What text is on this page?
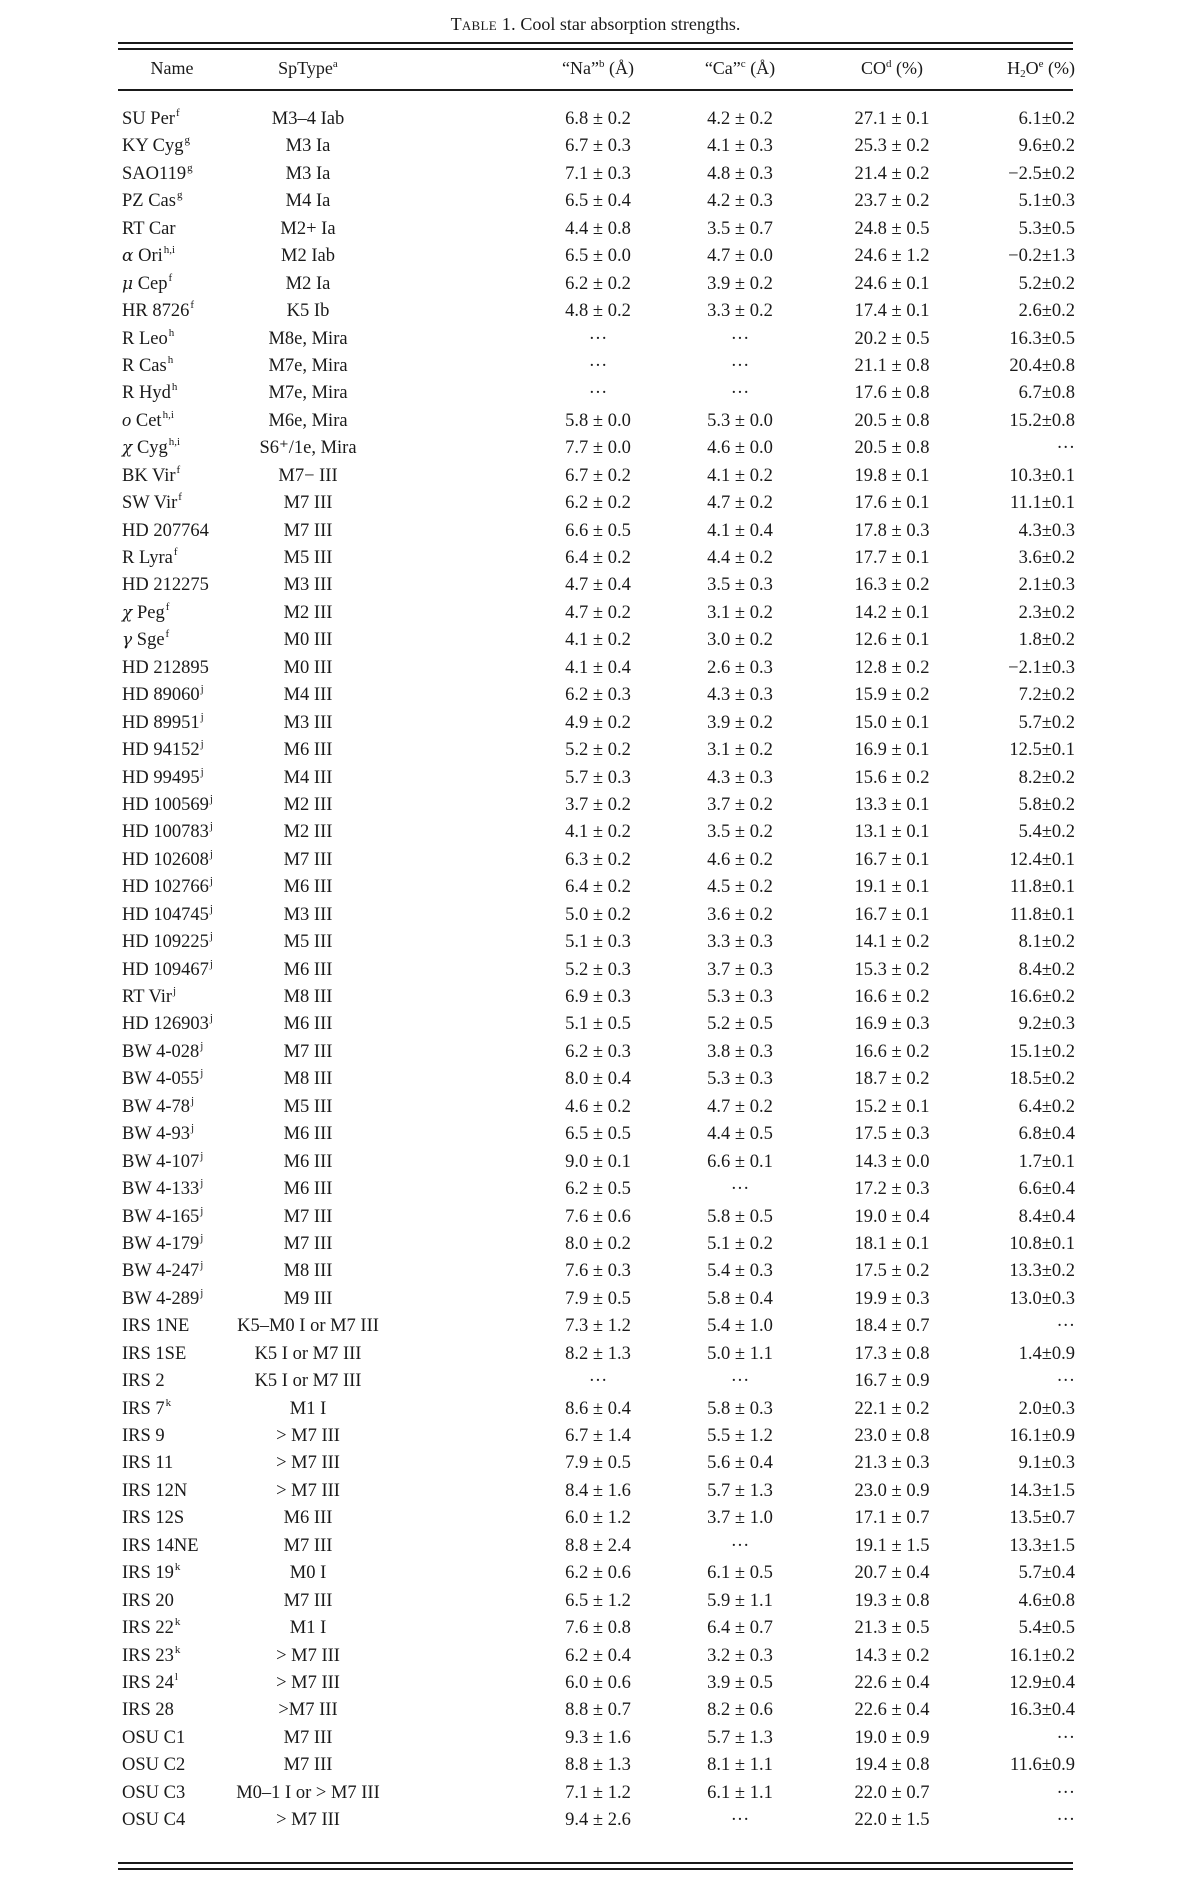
Table 1. Cool star absorption strengths.
Name	SpType$^a$	“Na”$^b$ (Å)	“Ca”$^c$ (Å)	$CO^d$ (%)	$H_2O^e$ (%)
SU Per$^f$	M3–4 Iab	6.8 ± 0.2	4.2 ± 0.2	27.1 ± 0.1	6.1±0.2
KY Cyg$^g$	M3 Ia	6.7 ± 0.3	4.1 ± 0.3	25.3 ± 0.2	9.6±0.2
SAO119$^g$	M3 Ia	7.1 ± 0.3	4.8 ± 0.3	21.4 ± 0.2	−2.5±0.2
PZ Cas$^g$	M4 Ia	6.5 ± 0.4	4.2 ± 0.3	23.7 ± 0.2	5.1±0.3
RT Car	M2+ Ia	4.4 ± 0.8	3.5 ± 0.7	24.8 ± 0.5	5.3±0.5
α Ori$^{h,i}$	M2 Iab	6.5 ± 0.0	4.7 ± 0.0	24.6 ± 1.2	−0.2±1.3
μ Cep$^f$	M2 Ia	6.2 ± 0.2	3.9 ± 0.2	24.6 ± 0.1	5.2±0.2
HR 8726$^f$	K5 Ib	4.8 ± 0.2	3.3 ± 0.2	17.4 ± 0.1	2.6±0.2
R Leo$^h$	M8e, Mira	···	···	20.2 ± 0.5	16.3±0.5
R Cas$^h$	M7e, Mira	···	···	21.1 ± 0.8	20.4±0.8
R Hyd$^h$	M7e, Mira	···	···	17.6 ± 0.8	6.7±0.8
o Cet$^{h,i}$	M6e, Mira	5.8 ± 0.0	5.3 ± 0.0	20.5 ± 0.8	15.2±0.8
χ Cyg$^{h,i}$	S6⁺/1e, Mira	7.7 ± 0.0	4.6 ± 0.0	20.5 ± 0.8	···
BK Vir$^f$	M7− III	6.7 ± 0.2	4.1 ± 0.2	19.8 ± 0.1	10.3±0.1
SW Vir$^f$	M7 III	6.2 ± 0.2	4.7 ± 0.2	17.6 ± 0.1	11.1±0.1
HD 207764	M7 III	6.6 ± 0.5	4.1 ± 0.4	17.8 ± 0.3	4.3±0.3
R Lyra$^f$	M5 III	6.4 ± 0.2	4.4 ± 0.2	17.7 ± 0.1	3.6±0.2
HD 212275	M3 III	4.7 ± 0.4	3.5 ± 0.3	16.3 ± 0.2	2.1±0.3
χ Peg$^f$	M2 III	4.7 ± 0.2	3.1 ± 0.2	14.2 ± 0.1	2.3±0.2
γ Sge$^f$	M0 III	4.1 ± 0.2	3.0 ± 0.2	12.6 ± 0.1	1.8±0.2
HD 212895	M0 III	4.1 ± 0.4	2.6 ± 0.3	12.8 ± 0.2	−2.1±0.3
HD 89060$^j$	M4 III	6.2 ± 0.3	4.3 ± 0.3	15.9 ± 0.2	7.2±0.2
HD 89951$^j$	M3 III	4.9 ± 0.2	3.9 ± 0.2	15.0 ± 0.1	5.7±0.2
HD 94152$^j$	M6 III	5.2 ± 0.2	3.1 ± 0.2	16.9 ± 0.1	12.5±0.1
HD 99495$^j$	M4 III	5.7 ± 0.3	4.3 ± 0.3	15.6 ± 0.2	8.2±0.2
HD 100569$^j$	M2 III	3.7 ± 0.2	3.7 ± 0.2	13.3 ± 0.1	5.8±0.2
HD 100783$^j$	M2 III	4.1 ± 0.2	3.5 ± 0.2	13.1 ± 0.1	5.4±0.2
HD 102608$^j$	M7 III	6.3 ± 0.2	4.6 ± 0.2	16.7 ± 0.1	12.4±0.1
HD 102766$^j$	M6 III	6.4 ± 0.2	4.5 ± 0.2	19.1 ± 0.1	11.8±0.1
HD 104745$^j$	M3 III	5.0 ± 0.2	3.6 ± 0.2	16.7 ± 0.1	11.8±0.1
HD 109225$^j$	M5 III	5.1 ± 0.3	3.3 ± 0.3	14.1 ± 0.2	8.1±0.2
HD 109467$^j$	M6 III	5.2 ± 0.3	3.7 ± 0.3	15.3 ± 0.2	8.4±0.2
RT Vir$^j$	M8 III	6.9 ± 0.3	5.3 ± 0.3	16.6 ± 0.2	16.6±0.2
HD 126903$^j$	M6 III	5.1 ± 0.5	5.2 ± 0.5	16.9 ± 0.3	9.2±0.3
BW 4-028$^j$	M7 III	6.2 ± 0.3	3.8 ± 0.3	16.6 ± 0.2	15.1±0.2
BW 4-055$^j$	M8 III	8.0 ± 0.4	5.3 ± 0.3	18.7 ± 0.2	18.5±0.2
BW 4-78$^j$	M5 III	4.6 ± 0.2	4.7 ± 0.2	15.2 ± 0.1	6.4±0.2
BW 4-93$^j$	M6 III	6.5 ± 0.5	4.4 ± 0.5	17.5 ± 0.3	6.8±0.4
BW 4-107$^j$	M6 III	9.0 ± 0.1	6.6 ± 0.1	14.3 ± 0.0	1.7±0.1
BW 4-133$^j$	M6 III	6.2 ± 0.5	···	17.2 ± 0.3	6.6±0.4
BW 4-165$^j$	M7 III	7.6 ± 0.6	5.8 ± 0.5	19.0 ± 0.4	8.4±0.4
BW 4-179$^j$	M7 III	8.0 ± 0.2	5.1 ± 0.2	18.1 ± 0.1	10.8±0.1
BW 4-247$^j$	M8 III	7.6 ± 0.3	5.4 ± 0.3	17.5 ± 0.2	13.3±0.2
BW 4-289$^j$	M9 III	7.9 ± 0.5	5.8 ± 0.4	19.9 ± 0.3	13.0±0.3
IRS 1NE	K5–M0 I or M7 III	7.3 ± 1.2	5.4 ± 1.0	18.4 ± 0.7	···
IRS 1SE	K5 I or M7 III	8.2 ± 1.3	5.0 ± 1.1	17.3 ± 0.8	1.4±0.9
IRS 2	K5 I or M7 III	···	···	16.7 ± 0.9	···
IRS 7$^k$	M1 I	8.6 ± 0.4	5.8 ± 0.3	22.1 ± 0.2	2.0±0.3
IRS 9	> M7 III	6.7 ± 1.4	5.5 ± 1.2	23.0 ± 0.8	16.1±0.9
IRS 11	> M7 III	7.9 ± 0.5	5.6 ± 0.4	21.3 ± 0.3	9.1±0.3
IRS 12N	> M7 III	8.4 ± 1.6	5.7 ± 1.3	23.0 ± 0.9	14.3±1.5
IRS 12S	M6 III	6.0 ± 1.2	3.7 ± 1.0	17.1 ± 0.7	13.5±0.7
IRS 14NE	M7 III	8.8 ± 2.4	···	19.1 ± 1.5	13.3±1.5
IRS 19$^k$	M0 I	6.2 ± 0.6	6.1 ± 0.5	20.7 ± 0.4	5.7±0.4
IRS 20	M7 III	6.5 ± 1.2	5.9 ± 1.1	19.3 ± 0.8	4.6±0.8
IRS 22$^k$	M1 I	7.6 ± 0.8	6.4 ± 0.7	21.3 ± 0.5	5.4±0.5
IRS $23^k$	> M7 III	6.2 ± 0.4	3.2 ± 0.3	14.3 ± 0.2	16.1±0.2
IRS $24^l$	> M7 III	6.0 ± 0.6	3.9 ± 0.5	22.6 ± 0.4	12.9±0.4
IRS 28	>M7 III	8.8 ± 0.7	8.2 ± 0.6	22.6 ± 0.4	16.3±0.4
OSU C1	M7 III	9.3 ± 1.6	5.7 ± 1.3	19.0 ± 0.9	···
OSU C2	M7 III	8.8 ± 1.3	8.1 ± 1.1	19.4 ± 0.8	11.6±0.9
OSU C3	M0–1 I or > M7 III	7.1 ± 1.2	6.1 ± 1.1	22.0 ± 0.7	···
OSU C4	> M7 III	9.4 ± 2.6	···	22.0 ± 1.5	···
